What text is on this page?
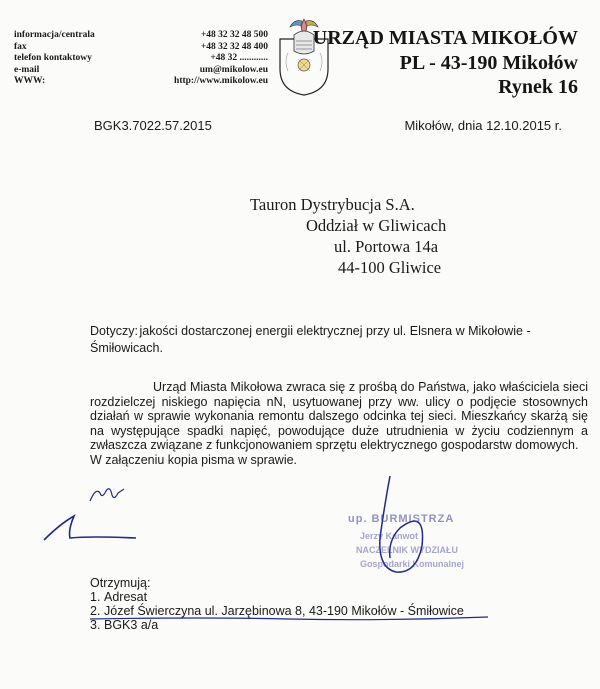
informacja/centrala
fax
telefon kontaktowy
e-mail
WWW:
+48 32 32 48 500
+48 32 32 48 400
+48 32 ............
um@mikolow.eu
http://www.mikolow.eu
URZĄD MIASTA MIKOŁÓW
PL - 43-190 Mikołów
Rynek 16
BGK3.7022.57.2015	Mikołów, dnia 12.10.2015 r.
Tauron Dystrybucja S.A.
Oddział w Gliwicach
ul. Portowa 14a
44-100 Gliwice
Dotyczy: jakości dostarczonej energii elektrycznej przy ul. Elsnera w Mikołowie - Śmiłowicach.

Urząd Miasta Mikołowa zwraca się z prośbą do Państwa, jako właściciela sieci rozdzielczej niskiego napięcia nN, usytuowanej przy ww. ulicy o podjęcie stosownych działań w sprawie wykonania remontu dalszego odcinka tej sieci. Mieszkańcy skarżą się na występujące spadki napięć, powodujące duże utrudnienia w życiu codziennym a zwłaszcza związane z funkcjonowaniem sprzętu elektrycznego gospodarstw domowych.

W załączeniu kopia pisma w sprawie.

up. BURMISTRZA
Jerzy Kanwot
NACZELNIK WYDZIAŁU
Gospodarki Komunalnej
Otrzymują:
1. Adresat
2. Józef Świerczyna ul. Jarzębinowa 8, 43-190 Mikołów - Śmiłowice
3. BGK3 a/a
